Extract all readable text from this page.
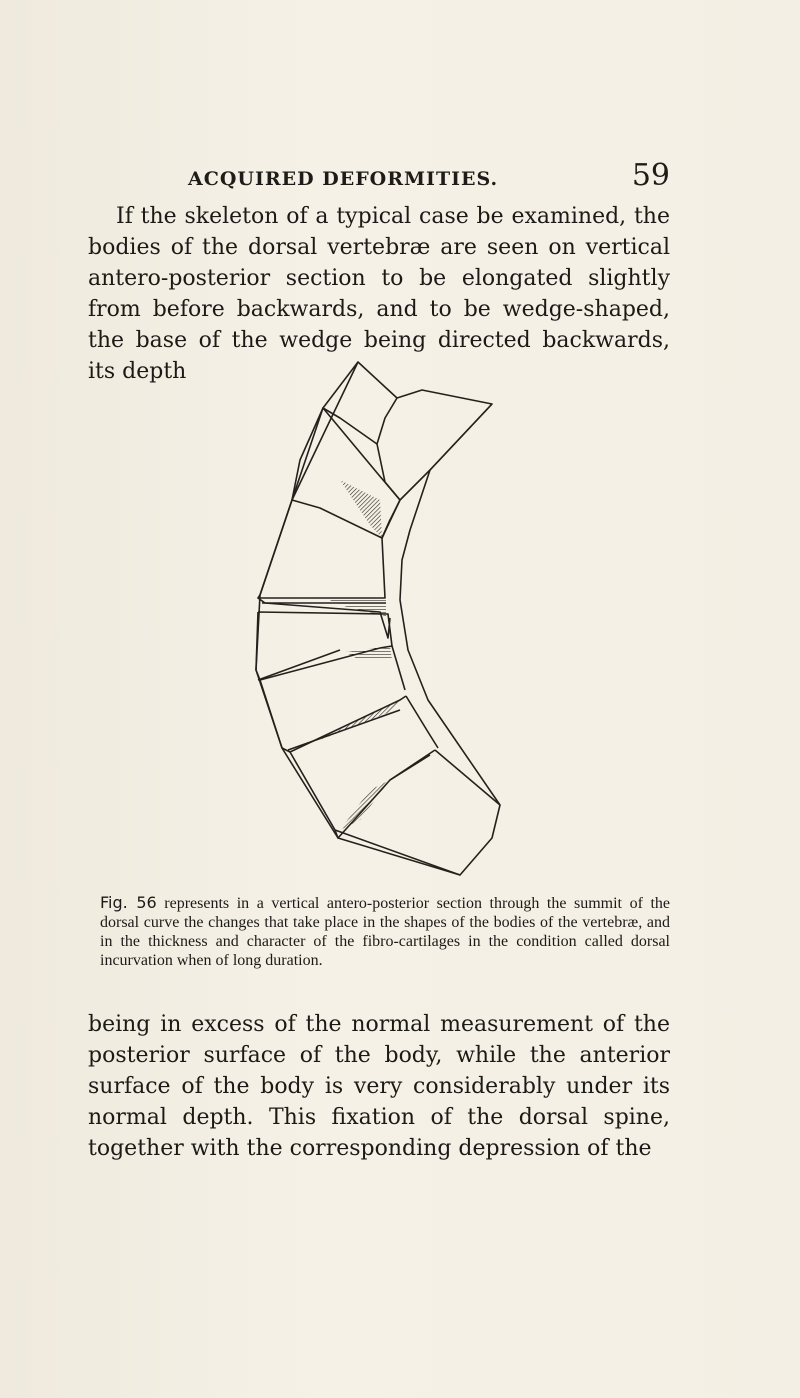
ACQUIRED DEFORMITIES.	59

If the skeleton of a typical case be examined, the bodies of the dorsal vertebræ are seen on vertical antero-posterior section to be elongated slightly from before backwards, and to be wedge-shaped, the base of the wedge being directed backwards, its depth

Fig. 56 represents in a vertical antero-posterior section through the summit of the dorsal curve the changes that take place in the shapes of the bodies of the vertebræ, and in the thickness and character of the fibro-cartilages in the condition called dorsal incurvation when of long duration.

being in excess of the normal measurement of the posterior surface of the body, while the anterior surface of the body is very considerably under its normal depth. This fixation of the dorsal spine, together with the corresponding depression of the
